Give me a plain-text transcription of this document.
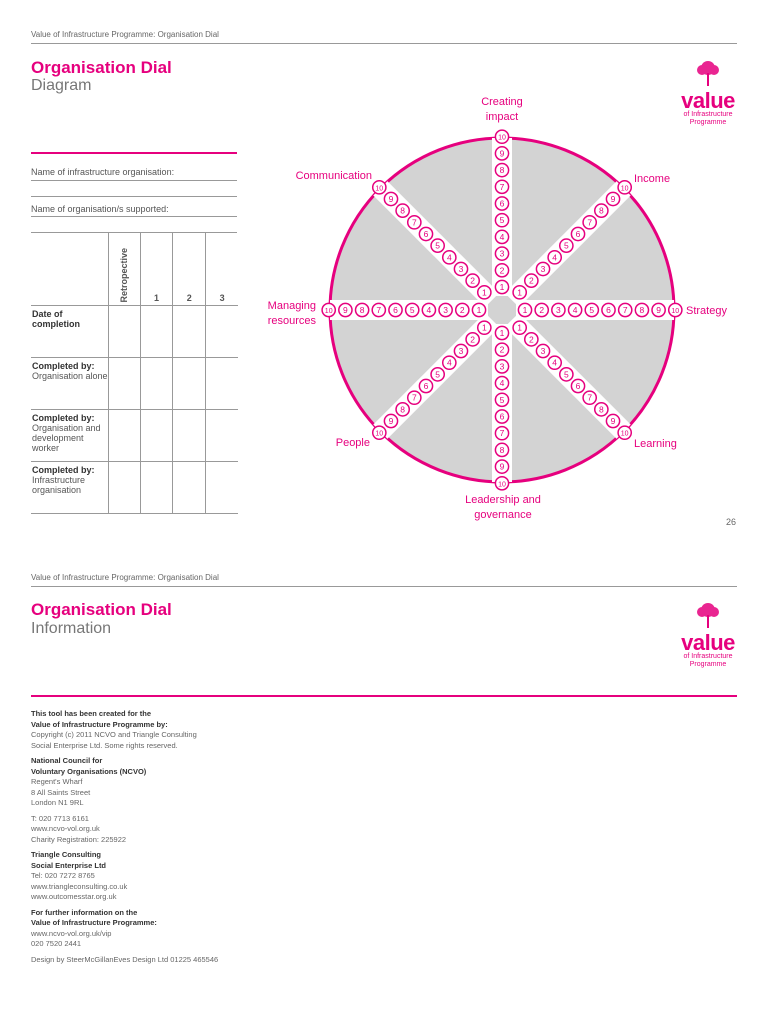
Value of Infrastructure Programme: Organisation Dial
Organisation Dial
Diagram
value
of Infrastructure
Programme
Name of infrastructure organisation:
Name of organisation/s supported:

	Retropective	1	2	3
Date of completion				
Completed by:
Organisation alone				
Completed by:
Organisation and development worker				
Completed by:
Infrastructure organisation				
1
2
3
4
5
6
7
8
9
10
1
2
3
4
5
6
7
8
9
10
1 2 3 4 5 6 7 8 9 10
1
2
3
4
5
6
7
8
9
10
1
2
3
4
5
6
7
8
9
10
1
2
3
4
5
6
7
8
9
10
1
2
3
4
5
6
7
8
9
10
1
2
3
4
5
6
7
8
9
10
Creating impact
Income
Strategy
Learning
Leadership and governance
People
Managing resources
Communication
26
Value of Infrastructure Programme: Organisation Dial
Organisation Dial
Information
value
of Infrastructure
Programme

This tool has been created for the
Value of Infrastructure Programme by:
Copyright (c) 2011 NCVO and Triangle Consulting
Social Enterprise Ltd. Some rights reserved.

National Council for
Voluntary Organisations (NCVO)
Regent's Wharf
8 All Saints Street
London N1 9RL

T: 020 7713 6161
www.ncvo-vol.org.uk
Charity Registration: 225922

Triangle Consulting
Social Enterprise Ltd
Tel: 020 7272 8765
www.triangleconsulting.co.uk
www.outcomesstar.org.uk

For further information on the
Value of Infrastructure Programme:
www.ncvo-vol.org.uk/vip
020 7520 2441

Design by SteerMcGillanEves Design Ltd 01225 465546
